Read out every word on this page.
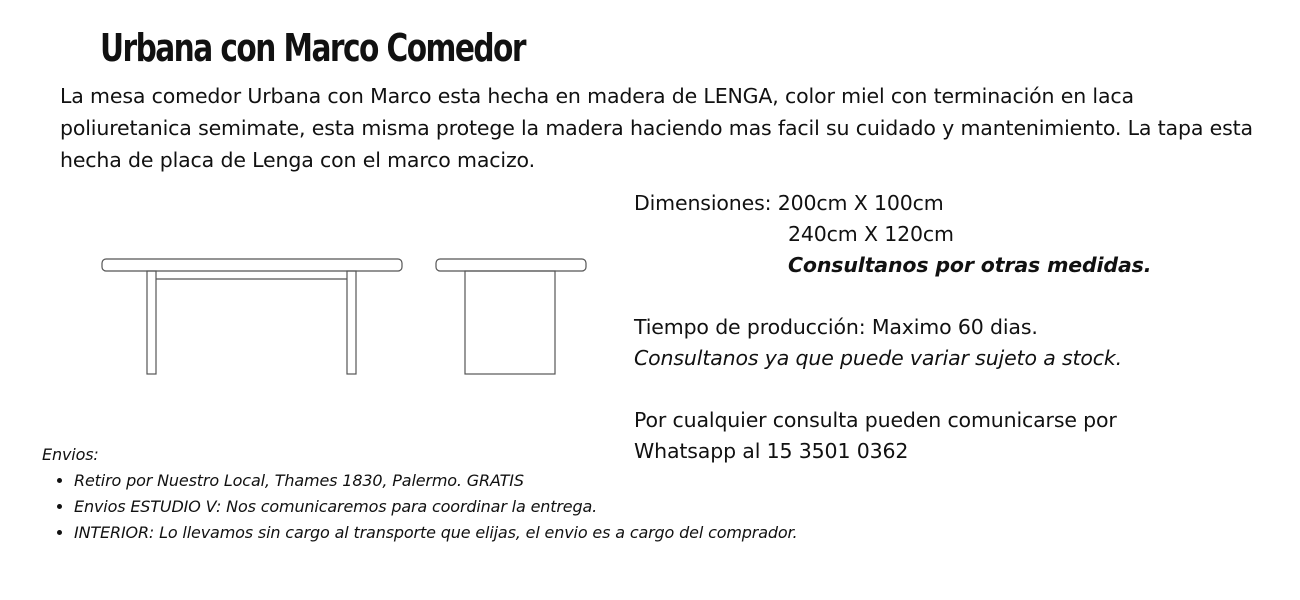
Urbana con Marco Comedor

La mesa comedor Urbana con Marco esta hecha en madera de LENGA, color miel con terminación en laca poliuretanica semimate, esta misma protege la madera haciendo mas facil su cuidado y mantenimiento. La tapa esta hecha de placa de Lenga con el marco macizo.

Dimensiones: 200cm X 100cm
240cm X 120cm
Consultanos por otras medidas.
Tiempo de producción: Maximo 60 dias.
Consultanos ya que puede variar sujeto a stock.
Por cualquier consulta pueden comunicarse por
Whatsapp al 15 3501 0362
Envios:
• Retiro por Nuestro Local, Thames 1830, Palermo. GRATIS
• Envios ESTUDIO V: Nos comunicaremos para coordinar la entrega.
• INTERIOR: Lo llevamos sin cargo al transporte que elijas, el envio es a cargo del comprador.
